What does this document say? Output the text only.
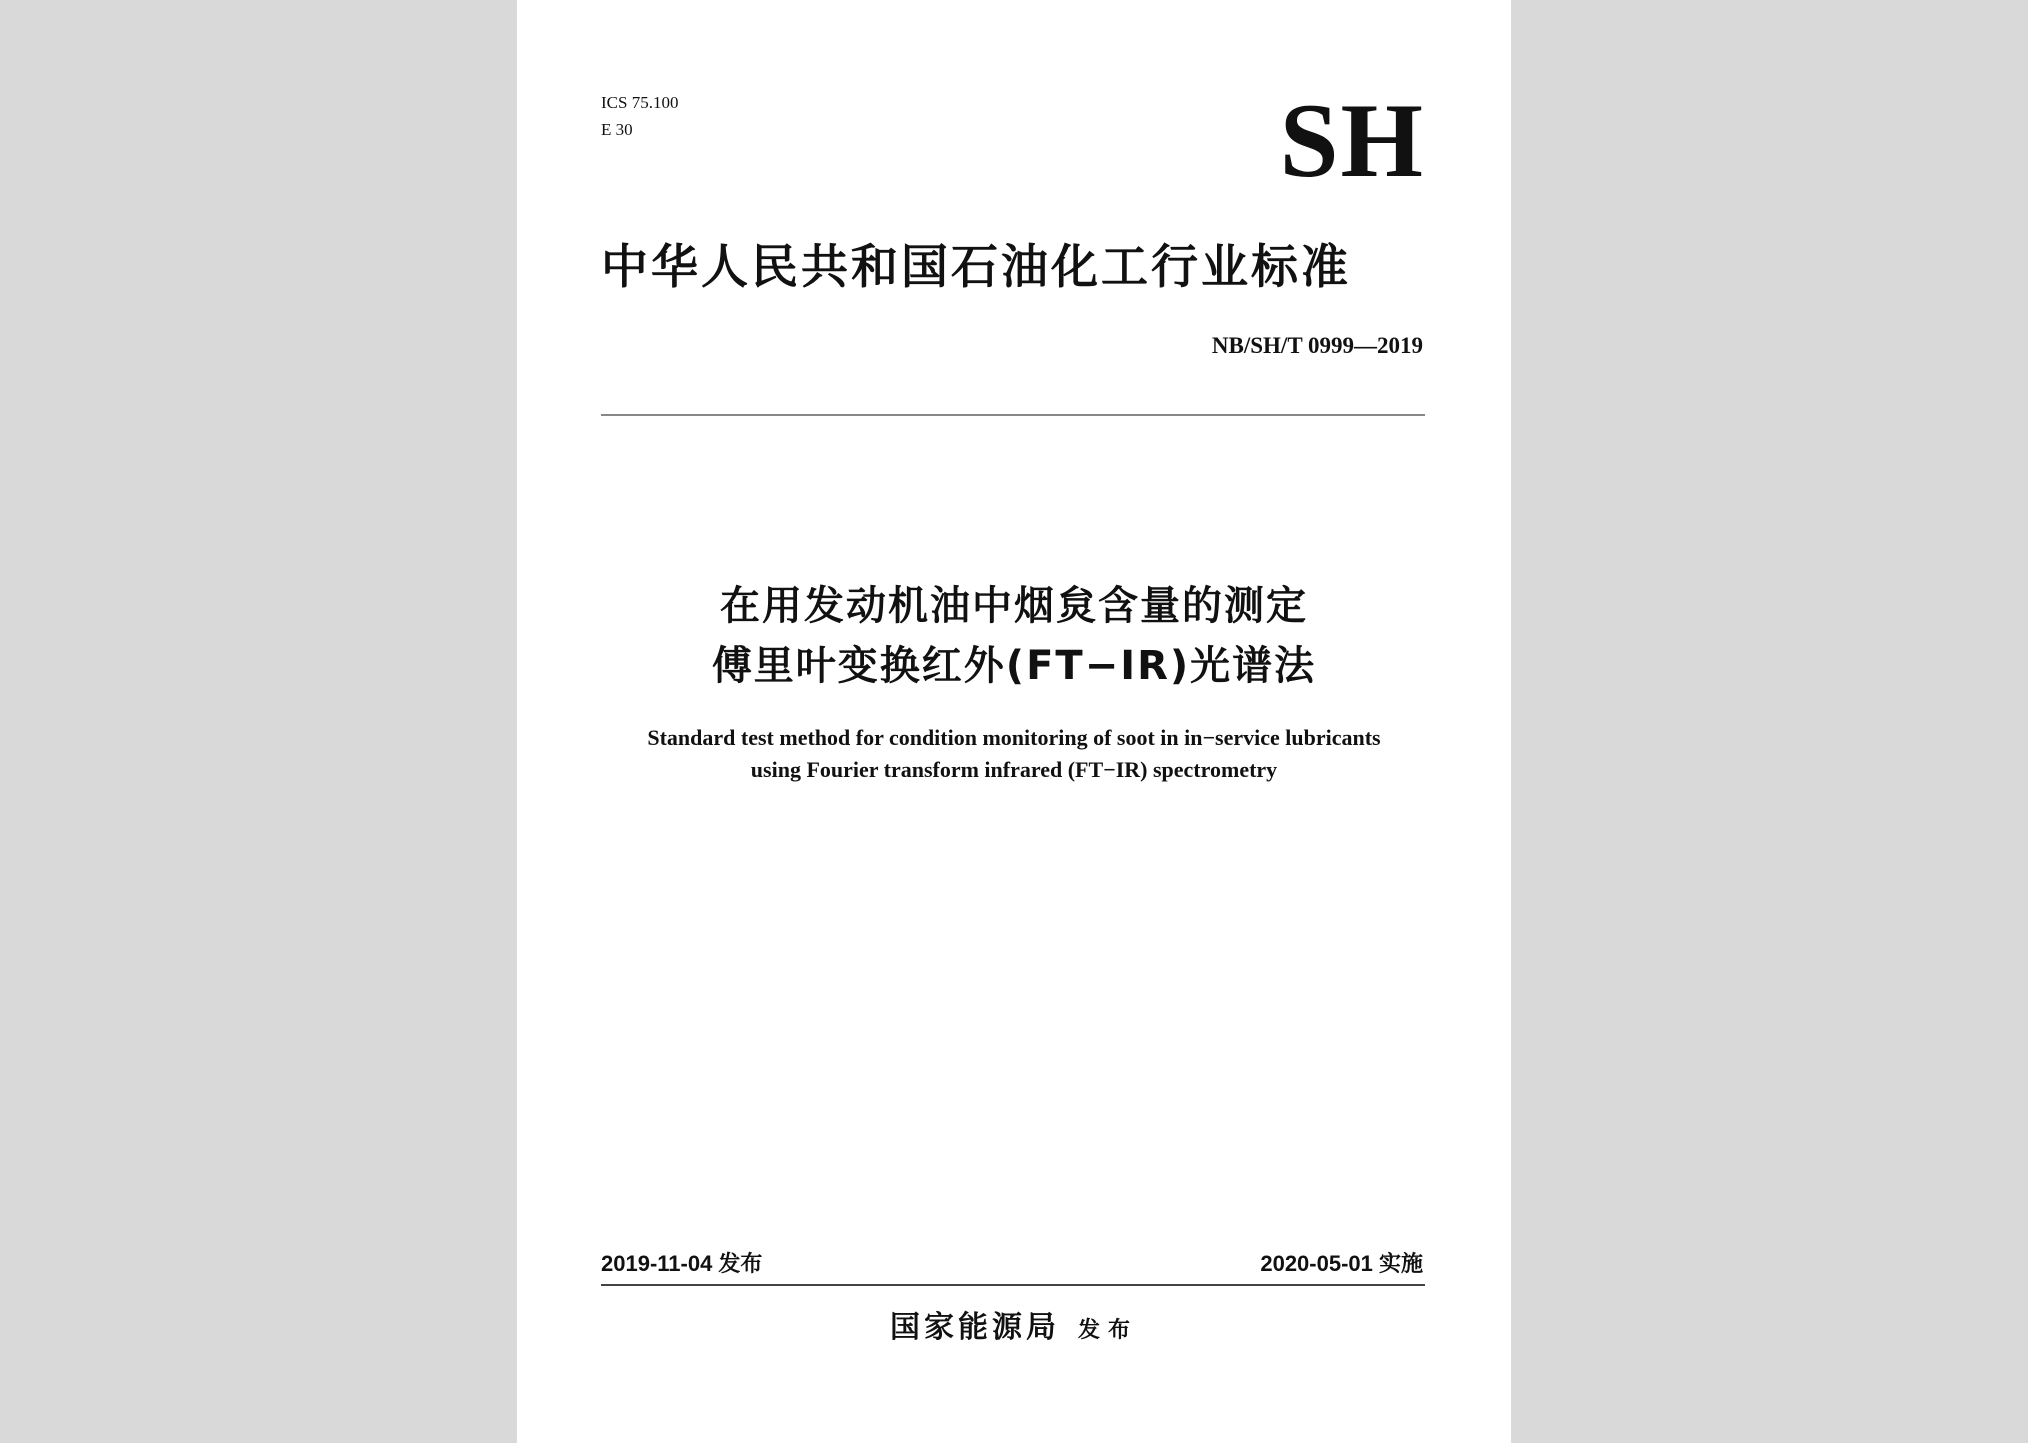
ICS 75.100
E 30	SH
中华人民共和国石油化工行业标准
NB/SH/T 0999—2019
在用发动机油中烟炱含量的测定
傅里叶变换红外(FT−IR)光谱法
Standard test method for condition monitoring of soot in in−service lubricants
using Fourier transform infrared (FT−IR) spectrometry
2019-11-04 发布	2020-05-01 实施
国家能源局 发布
